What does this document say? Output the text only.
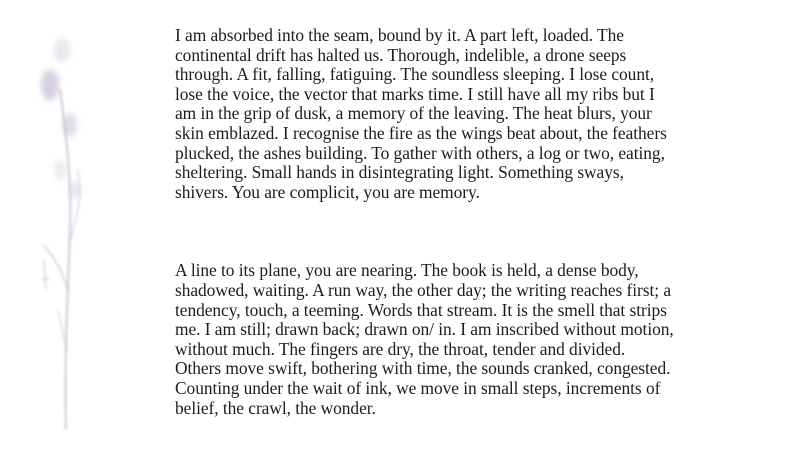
I am absorbed into the seam, bound by it. A part left, loaded. The continental drift has halted us. Thorough, indelible, a drone seeps through. A fit, falling, fatiguing. The soundless sleeping. I lose count, lose the voice, the vector that marks time. I still have all my ribs but I am in the grip of dusk, a memory of the leaving. The heat blurs, your skin emblazed. I recognise the fire as the wings beat about, the feathers plucked, the ashes building. To gather with others, a log or two, eating, sheltering. Small hands in disintegrating light. Something sways, shivers. You are complicit, you are memory.

A line to its plane, you are nearing. The book is held, a dense body, shadowed, waiting. A run way, the other day; the writing reaches first; a tendency, touch, a teeming. Words that stream. It is the smell that strips me. I am still; drawn back; drawn on/ in. I am inscribed without motion, without much. The fingers are dry, the throat, tender and divided. Others move swift, bothering with time, the sounds cranked, congested. Counting under the wait of ink, we move in small steps, increments of belief, the crawl, the wonder.
